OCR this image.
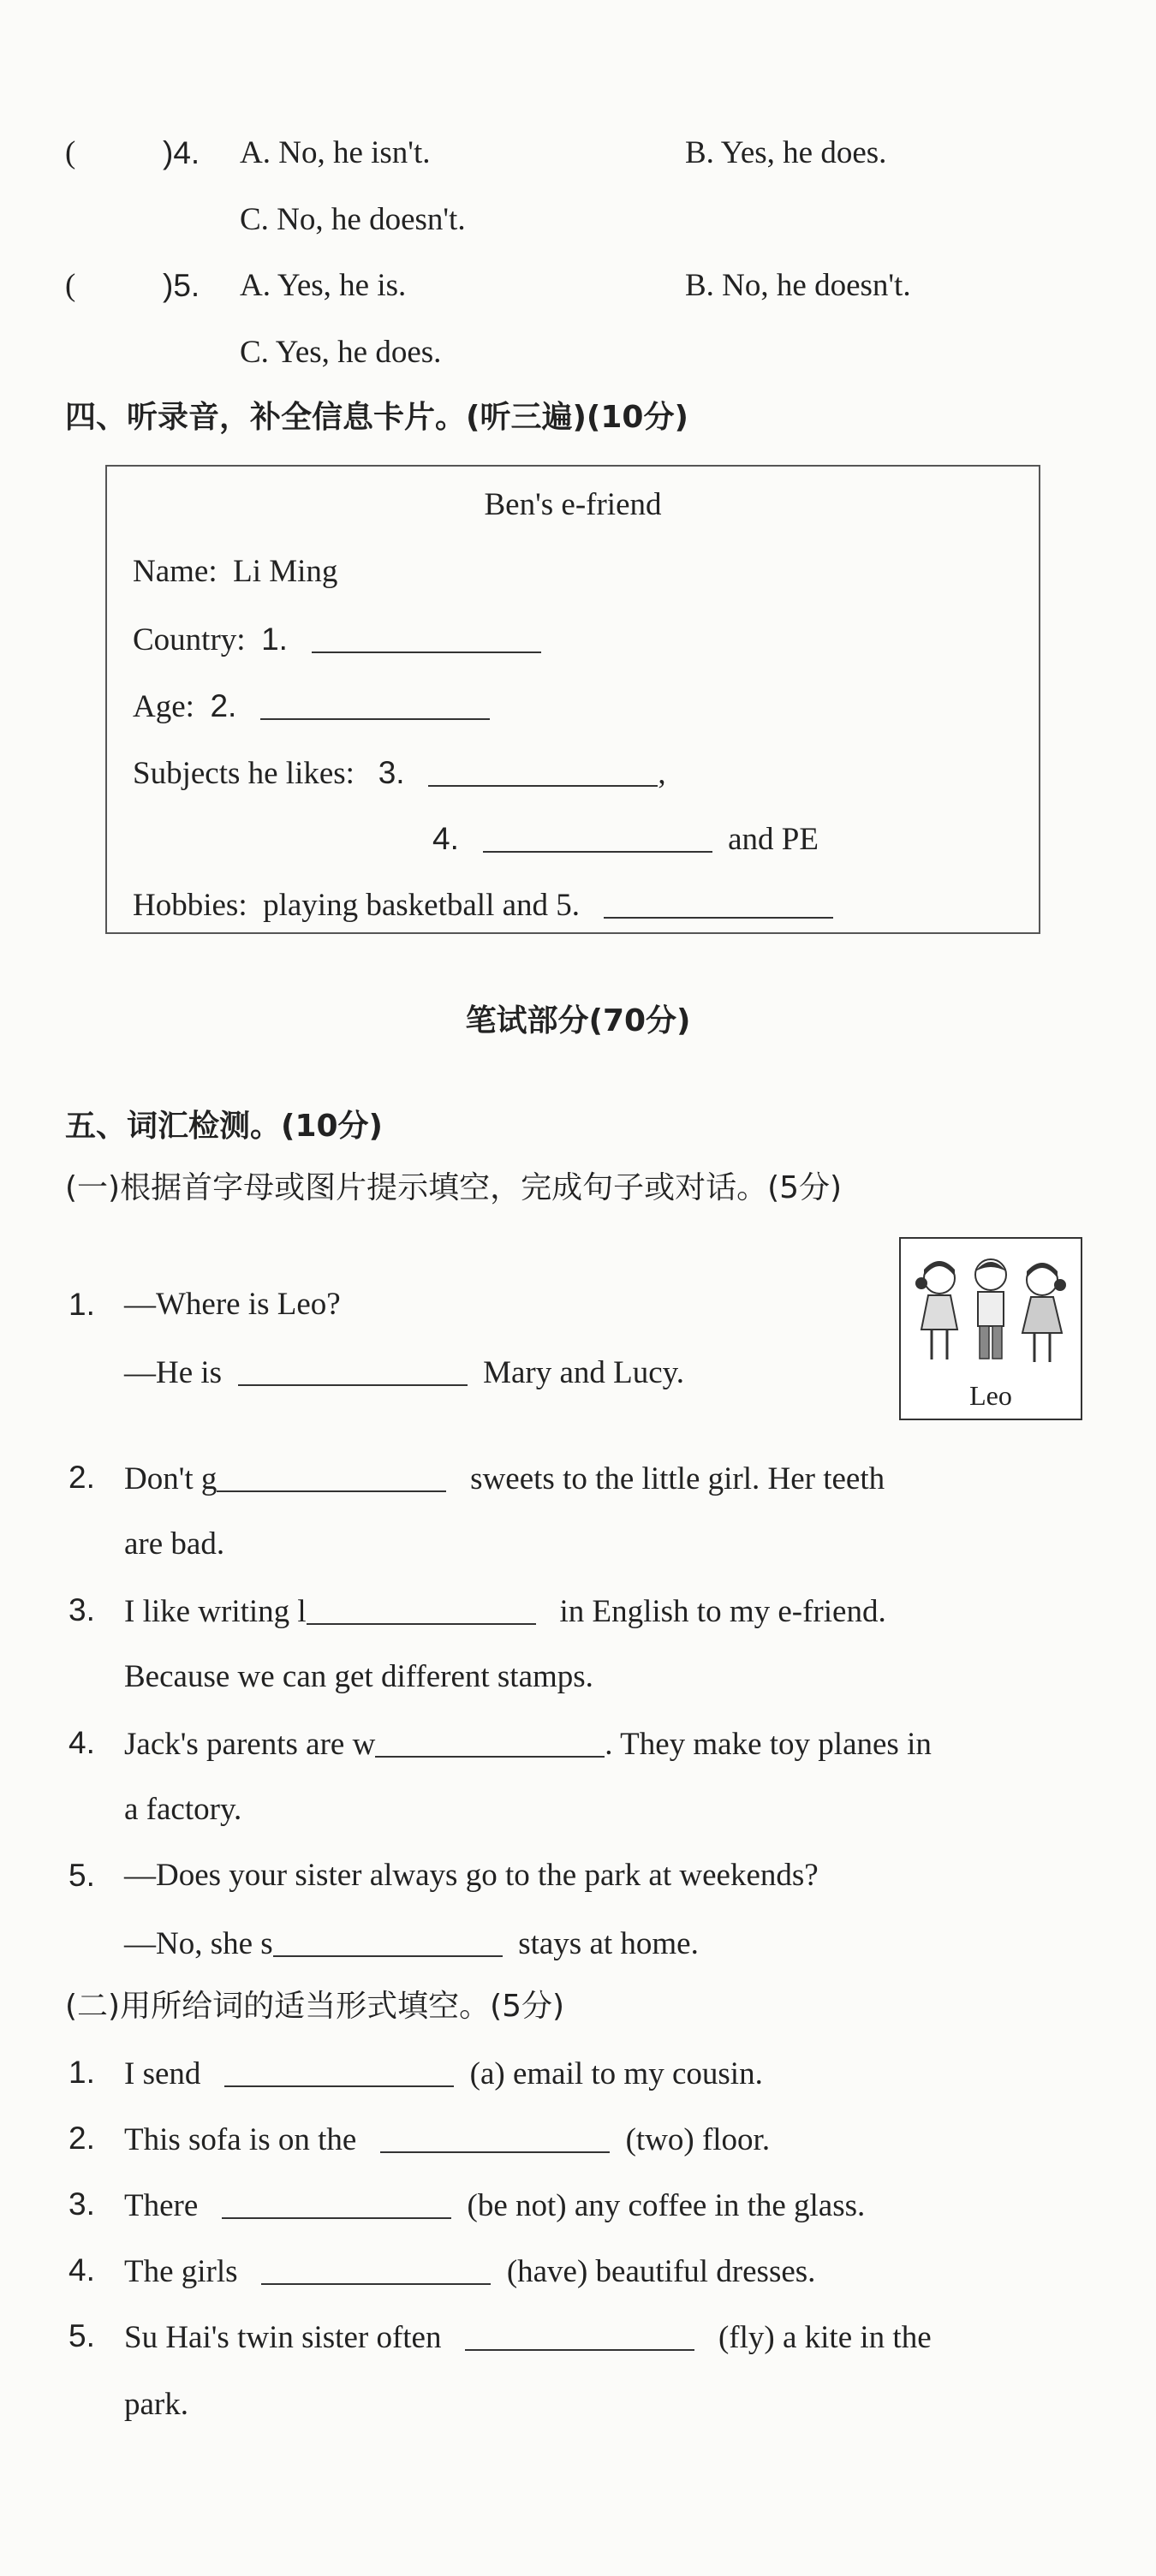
(	)4. A. No, he isn't.	B. Yes, he does.
C. No, he doesn't.
(	)5. A. Yes, he is.	B. No, he doesn't.
C. Yes, he does.
四、听录音，补全信息卡片。(听三遍)(10分)
Ben's e-friend
Name: Li Ming
Country: 1.
Age: 2.
Subjects he likes: 3.	,
4.	and PE
Hobbies: playing basketball and 5.
笔试部分(70分)
五、词汇检测。(10分)
(一)根据首字母或图片提示填空，完成句子或对话。(5分)
Leo
1. —Where is Leo?
—He is	Mary and Lucy.
2. Don't g	sweets to the little girl. Her teeth
are bad.
3. I like writing l	in English to my e-friend.
Because we can get different stamps.
4. Jack's parents are w	. They make toy planes in
a factory.
5. —Does your sister always go to the park at weekends?
—No, she s	stays at home.
(二)用所给词的适当形式填空。(5分)
1. I send	(a) email to my cousin.
2. This sofa is on the	(two) floor.
3. There	(be not) any coffee in the glass.
4. The girls	(have) beautiful dresses.
5. Su Hai's twin sister often	(fly) a kite in the
park.
